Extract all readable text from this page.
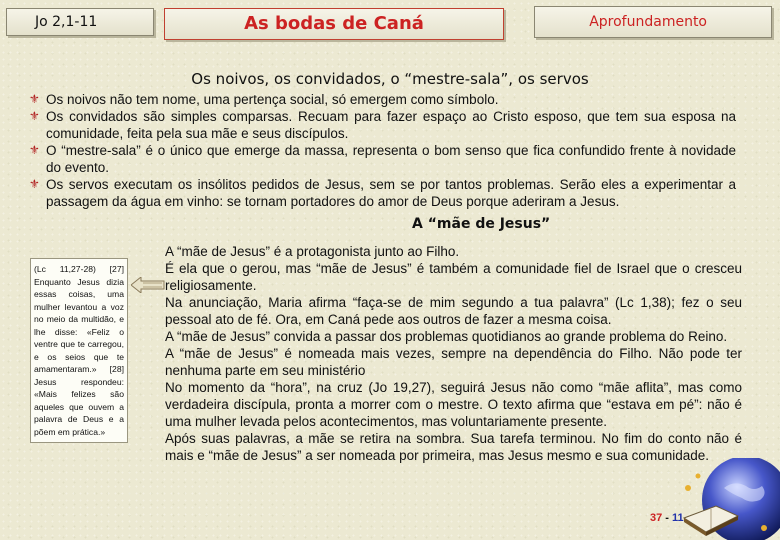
Jo 2,1-11	As bodas de Caná	Aprofundamento
Os noivos, os convidados, o “mestre-sala”, os servos
⚜ Os noivos não tem nome, uma pertença social, só emergem como símbolo.
⚜ Os convidados são simples comparsas. Recuam para fazer espaço ao Cristo esposo, que tem sua esposa na comunidade, feita pela sua mãe e seus discípulos.
⚜ O “mestre-sala” é o único que emerge da massa, representa o bom senso que fica confundido frente à novidade do evento.
⚜ Os servos executam os insólitos pedidos de Jesus, sem se por tantos problemas. Serão eles a experimentar a passagem da água em vinho: se tornam portadores do amor de Deus porque aderiram a Jesus.
A “mãe de Jesus”
(Lc 11,27-28) [27] Enquanto Jesus dizia essas coisas, uma mulher levantou a voz no meio da multidão, e lhe disse: «Feliz o ventre que te carregou, e os seios que te amamentaram.» [28] Jesus respondeu: «Mais felizes são aqueles que ouvem a palavra de Deus e a põem em prática.»
A “mãe de Jesus” é a protagonista junto ao Filho.
É ela que o gerou, mas “mãe de Jesus” é também a comunidade fiel de Israel que o cresceu religiosamente.
Na anunciação, Maria afirma “faça-se de mim segundo a tua palavra” (Lc 1,38); fez o seu pessoal ato de fé. Ora, em Caná pede aos outros de fazer a mesma coisa.
A “mãe de Jesus” convida a passar dos problemas quotidianos ao grande problema do Reino.
A “mãe de Jesus” é nomeada mais vezes, sempre na dependência do Filho. Não pode ter nenhuma parte em seu ministério
No momento da “hora”, na cruz (Jo 19,27), seguirá Jesus não como “mãe aflita”, mas como verdadeira discípula, pronta a morrer com o mestre. O texto afirma que “estava em pé”: não é uma mulher levada pelos acontecimentos, mas voluntariamente presente.
Após suas palavras, a mãe se retira na sombra. Sua tarefa terminou. No fim do conto não é mais e “mãe de Jesus” a ser nomeada por primeira, mas Jesus mesmo e sua comunidade.
37 - 11
